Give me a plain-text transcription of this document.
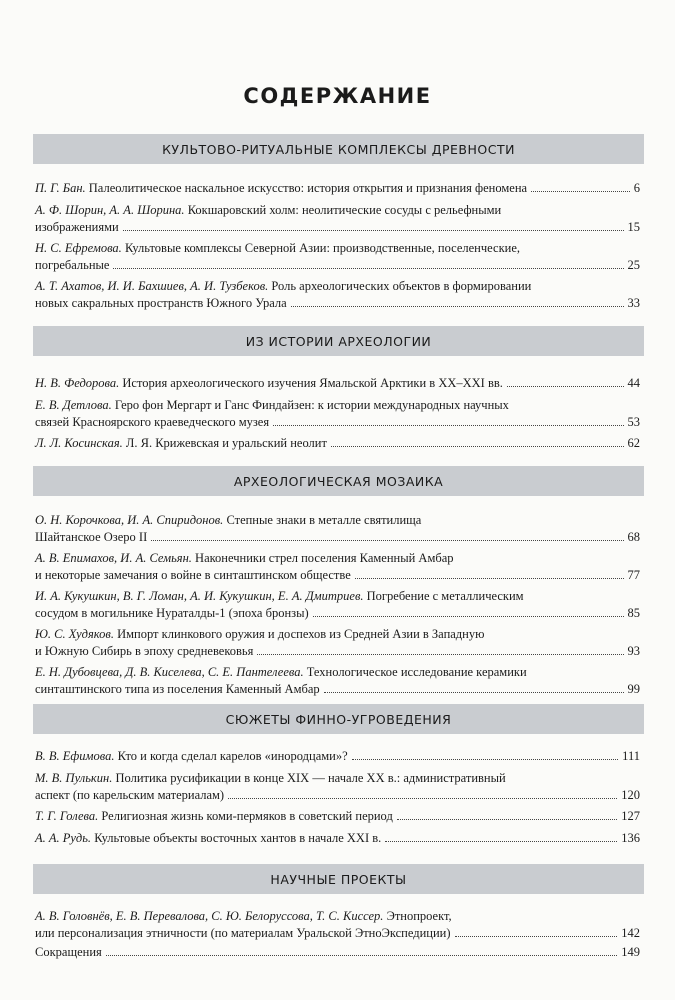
СОДЕРЖАНИЕ
КУЛЬТОВО-РИТУАЛЬНЫЕ КОМПЛЕКСЫ ДРЕВНОСТИ
П. Г. Бан. Палеолитическое наскальное искусство: история открытия и признания феномена	6
А. Ф. Шорин, А. А. Шорина. Кокшаровский холм: неолитические сосуды с рельефными
изображениями	15
Н. С. Ефремова. Культовые комплексы Северной Азии: производственные, поселенческие,
погребальные	25
А. Т. Ахатов, И. И. Бахшиев, А. И. Тузбеков. Роль археологических объектов в формировании
новых сакральных пространств Южного Урала	33
ИЗ ИСТОРИИ АРХЕОЛОГИИ
Н. В. Федорова. История археологического изучения Ямальской Арктики в XX–XXI вв.	44
Е. В. Детлова. Геро фон Мергарт и Ганс Финдайзен: к истории международных научных
связей Красноярского краеведческого музея	53
Л. Л. Косинская. Л. Я. Крижевская и уральский неолит	62
АРХЕОЛОГИЧЕСКАЯ МОЗАИКА
О. Н. Корочкова, И. А. Спиридонов. Степные знаки в металле святилища
Шайтанское Озеро II	68
А. В. Епимахов, И. А. Семьян. Наконечники стрел поселения Каменный Амбар
и некоторые замечания о войне в синташтинском обществе	77
И. А. Кукушкин, В. Г. Ломан, А. И. Кукушкин, Е. А. Дмитриев. Погребение с металлическим
сосудом в могильнике Нураталды-1 (эпоха бронзы)	85
Ю. С. Худяков. Импорт клинкового оружия и доспехов из Средней Азии в Западную
и Южную Сибирь в эпоху средневековья	93
Е. Н. Дубовцева, Д. В. Киселева, С. Е. Пантелеева. Технологическое исследование керамики
синташтинского типа из поселения Каменный Амбар	99
СЮЖЕТЫ ФИННО-УГРОВЕДЕНИЯ
В. В. Ефимова. Кто и когда сделал карелов «инородцами»?	111
М. В. Пулькин. Политика русификации в конце XIX — начале XX в.: административный
аспект (по карельским материалам)	120
Т. Г. Голева. Религиозная жизнь коми-пермяков в советский период	127
А. А. Рудь. Культовые объекты восточных хантов в начале XXI в.	136
НАУЧНЫЕ ПРОЕКТЫ
А. В. Головнёв, Е. В. Перевалова, С. Ю. Белоруссова, Т. С. Киссер. Этнопроект,
или персонализация этничности (по материалам Уральской ЭтноЭкспедиции)	142
Сокращения	149
